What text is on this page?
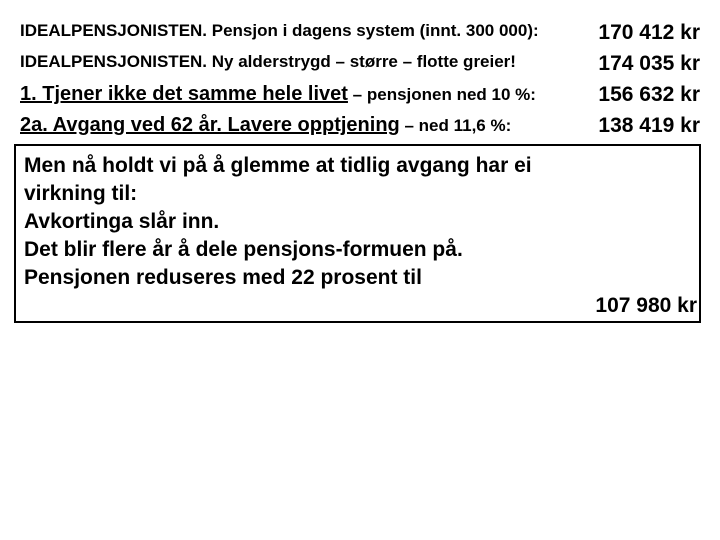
IDEALPENSJONISTEN. Pensjon i dagens system (innt. 300 000):	170 412 kr
IDEALPENSJONISTEN. Ny alderstrygd – større – flotte greier!	174 035 kr
1. Tjener ikke det samme hele livet – pensjonen ned 10 %:	156 632 kr
2a. Avgang ved 62 år. Lavere opptjening – ned 11,6 %:	138 419 kr
Men nå holdt vi på å glemme at tidlig avgang har ei
virkning til:
Avkortinga slår inn.
Det blir flere år å dele pensjons-formuen på.
Pensjonen reduseres med 22 prosent til
107 980 kr
